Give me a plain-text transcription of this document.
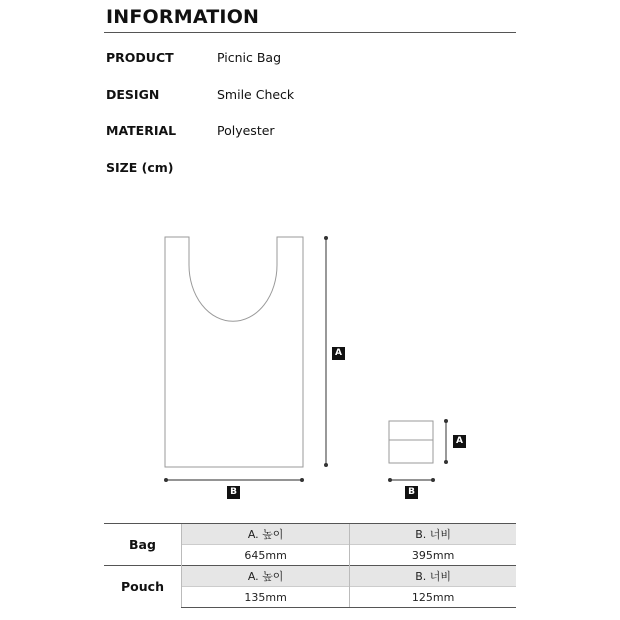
INFORMATION
PRODUCT	Picnic Bag
DESIGN	Smile Check
MATERIAL	Polyester
SIZE (cm)
A
B
A
B
Bag	A. 높이	B. 너비
	645mm	395mm
Pouch	A. 높이	B. 너비
	135mm	125mm
